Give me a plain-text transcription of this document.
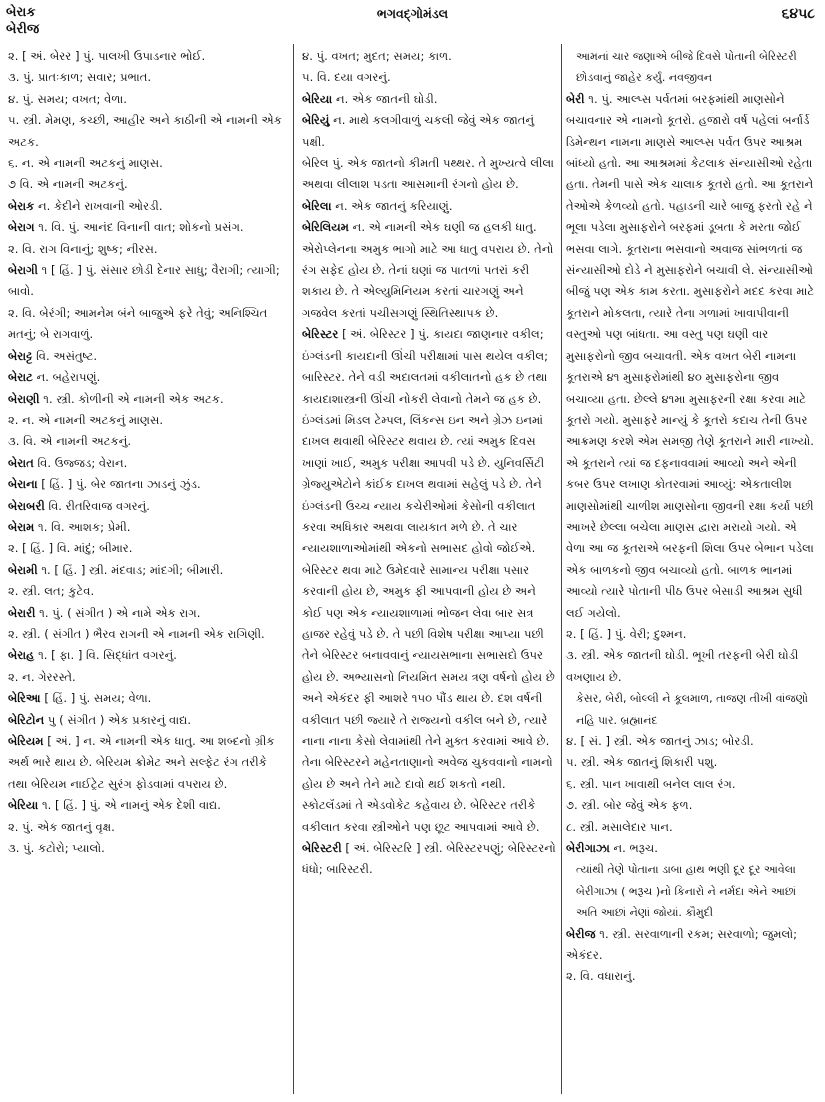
બેરાક
બેરીજ
ભગવદ્ગોમંડલ	૬૪૫૮

૨. [ અં. બેરર ] પું. પાલખી ઉપાડનાર ભોઈ.

૩. પું. પ્રાતઃકાળ; સવાર; પ્રભાત.

૪. પું. સમય; વખત; વેળા.

૫. સ્ત્રી. મેમણ, કચ્છી, આહીર અને કાઠીની એ નામની એક અટક.

૬. ન. એ નામની અટકનું માણસ.

૭ વિ. એ નામની અટકનું.

બેરાક ન. કેદીને રાખવાની ઓરડી.

બેરાગ ૧. વિ. પું. આનંદ વિનાની વાત; શોકનો પ્રસંગ.

૨. વિ. રાગ વિનાનું; શુષ્ક; નીરસ.

બેરાગી ૧ [ હિં. ] પું. સંસાર છોડી દેનાર સાધુ; વૈરાગી; ત્યાગી; બાવો.

૨. વિ. બેરંગી; આમનેમ બંને બાજુએ ફરે તેવું; અનિશ્ચિત મતનું; બે રાગવાળું.

બેરાટ્ટ વિ. અસંતુષ્ટ.

બેરાટ ન. બહેરાપણું.

બેરાણી ૧. સ્ત્રી. કોળીની એ નામની એક અટક.

૨. ન. એ નામની અટકનું માણસ.

૩. વિ. એ નામની અટકનું.

બેરાત વિ. ઉજ્જડ; વેરાન.

બેરાના [ હિં. ] પું. બેર જાતના ઝાડનું ઝુંડ.

બેરાબરી વિ. રીતરિવાજ વગરનું.

બેરામ ૧. વિ. આશક; પ્રેમી.

૨. [ હિં. ] વિ. માંદું; બીમાર.

બેરામી ૧. [ હિં. ] સ્ત્રી. મંદવાડ; માંદગી; બીમારી.

૨. સ્ત્રી. લત; કુટેવ.

બેરારી ૧. પું. ( સંગીત ) એ નામે એક રાગ.

૨. સ્ત્રી. ( સંગીત ) ભૈરવ રાગની એ નામની એક રાગિણી.

બેરાહ ૧. [ ફા. ] વિ. સિદ્ધાંત વગરનું.

૨. ન. ગેરરસ્તે.

બેરિઆ [ હિં. ] પું. સમય; વેળા.

બેરિટોન પુ ( સંગીત ) એક પ્રકારનું વાદ્ય.

બેરિયમ [ અં. ] ન. એ નામની એક ધાતુ. આ શબ્દનો ગ્રીક અર્થ ભારે થાય છે. બેરિયમ ક્રોમેટ અને સલ્ફેટ રંગ તરીકે તથા બેરિયમ નાઈટ્રેટ સુરંગ ફોડવામાં વપરાય છે.

બેરિયા ૧. [ હિં. ] પું. એ નામનું એક દેશી વાદ્ય.

૨. પું. એક જાતનું વૃક્ષ.

૩. પું. કટોરો; પ્યાલો.

૪. પું. વખત; મુદત; સમય; કાળ.

૫. વિ. દયા વગરનું.

બેરિયા ન. એક જાતની ઘોડી.

બેરિયું ન. માથે કલગીવાળું ચકલી જેવું એક જાતનું પક્ષી.

બેરિલ પું. એક જાતનો કીમતી પથ્થર. તે મુખ્યત્વે લીલા અથવા લીલાશ પડતા આસમાની રંગનો હોય છે.

બેરિલા ન. એક જાતનું કરિયાણું.

બેરિલિયમ ન. એ નામની એક ઘણી જ હલકી ધાતુ. એરોપ્લેનના અમુક ભાગો માટે આ ધાતુ વપરાય છે. તેનો રંગ સફેદ હોય છે. તેનાં ઘણાં જ પાતળાં પતરાં કરી શકાય છે. તે એલ્યુમિનિયમ કરતાં ચારગણું અને ગજવેલ કરતાં પચીસગણું સ્થિતિસ્થાપક છે.

બેરિસ્ટર [ અં. બેરિસ્ટર ] પું. કાયદા જાણનાર વકીલ; ઇંગ્લંડની કાયદાની ઊંચી પરીક્ષામાં પાસ થયેલ વકીલ; બારિસ્ટર. તેને વડી અદાલતમાં વકીલાતનો હક છે તથા કાયદાશાસ્ત્રની ઊંચી નોકરી લેવાનો તેમને જ હક છે. ઇંગ્લંડમાં મિડલ ટેમ્પલ, લિંકન્સ ઇન અને ગ્રેઝ ઇનમાં દાખલ થવાથી બેરિસ્ટર થવાય છે. ત્યાં અમુક દિવસ ખાણાં ખાઈ, અમુક પરીક્ષા આપવી પડે છે. યુનિવર્સિટી ગ્રેજ્યુએટોને કાંઈક દાખલ થવામાં સહેલું પડે છે. તેને ઇંગ્લંડની ઉચ્ચ ન્યાય કચેરીઓમાં કેસોની વકીલાત કરવા અધિકાર અથવા લાયકાત મળે છે. તે ચાર ન્યાયશાળાઓમાંથી એકનો સભાસદ હોવો જોઈએ. બેરિસ્ટર થવા માટે ઉમેદવારે સામાન્ય પરીક્ષા પસાર કરવાની હોય છે, અમુક ફી આપવાની હોય છે અને કોઈ પણ એક ન્યાયશાળામાં ભોજન લેવા બાર સત્ર હાજર રહેવું પડે છે. તે પછી વિશેષ પરીક્ષા આપ્યા પછી તેને બેરિસ્ટર બનાવવાનું ન્યાયસભાના સભાસદો ઉપર હોય છે. અભ્યાસનો નિયમિત સમય ત્રણ વર્ષનો હોય છે અને એકંદર ફી આશરે ૧૫૦ પૌંડ થાય છે. દશ વર્ષની વકીલાત પછી જ્યારે તે રાજ્યનો વકીલ બને છે, ત્યારે નાના નાના કેસો લેવામાંથી તેને મુક્ત કરવામાં આવે છે. તેના બેરિસ્ટરને મહેનતાણાનો અવેજ ચુકવવાનો નામનો હોય છે અને તેને માટે દાવો થઈ શકતો નથી. સ્કોટલૅંડમાં તે એડવોકેટ કહેવાય છે. બેરિસ્ટર તરીકે વકીલાત કરવા સ્ત્રીઓને પણ છૂટ આપવામાં આવે છે.

બેરિસ્ટરી [ અં. બેરિસ્ટરિ ] સ્ત્રી. બેરિસ્ટરપણું; બેરિસ્ટરનો ધંધો; બારિસ્ટરી.

આમનાં ચાર જણાએ બીજે દિવસે પોતાની બેરિસ્ટરી છોડવાનું જાહેર કર્યું. નવજીવન

બેરી ૧. પું. આલ્પ્સ પર્વતમાં બરફમાંથી માણસોને બચાવનાર એ નામનો કૂતરો. હજારો વર્ષ પહેલાં બર્નાર્ડ ડિમેન્થન નામના માણસે આલ્પ્સ પર્વત ઉપર આશ્રમ બાંધ્યો હતો. આ આશ્રમમાં કેટલાક સંન્યાસીઓ રહેતા હતા. તેમની પાસે એક ચાલાક કૂતરો હતો. આ કૂતરાને તેઓએ કેળવ્યો હતો. પહાડની ચારે બાજુ ફરતો રહે ને ભૂલા પડેલા મુસાફરોને બરફમાં ડૂબતા કે મરતા જોઈ ભસવા લાગે. કૂતરાના ભસવાનો અવાજ સાંભળતાં જ સંન્યાસીઓ દોડે ને મુસાફરોને બચાવી લે. સંન્યાસીઓ બીજું પણ એક કામ કરતા. મુસાફરોને મદદ કરવા માટે કૂતરાને મોકલતા, ત્યારે તેના ગળામાં ખાવાપીવાની વસ્તુઓ પણ બાંધતા. આ વસ્તુ પણ ઘણી વાર મુસાફરોનો જીવ બચાવતી. એક વખત બેરી નામના કૂતરાએ ૪૧ મુસાફરોમાંથી ૪૦ મુસાફરોના જીવ બચાવ્યા હતા. છેલ્લે ૪૧મા મુસાફરની રક્ષા કરવા માટે કૂતરો ગયો. મુસાફરે માન્યું કે કૂતરો કદાચ તેની ઉપર આક્રમણ કરશે એમ સમજી તેણે કૂતરાને મારી નાખ્યો. એ કૂતરાને ત્યાં જ દફનાવવામાં આવ્યો અને એની કબર ઉપર લખાણ કોતરવામાં આવ્યું: એકતાલીશ માણસોમાંથી ચાળીશ માણસોના જીવની રક્ષા કર્યા પછી આખરે છેલ્લા બચેલા માણસ દ્વારા મરાયો ગયો. એ વેળા આ જ કૂતરાએ બરફની શિલા ઉપર બેભાન પડેલા એક બાળકનો જીવ બચાવ્યો હતો. બાળક ભાનમાં આવ્યો ત્યારે પોતાની પીઠ ઉપર બેસાડી આશ્રમ સુધી લઈ ગયેલો.

૨. [ હિં. ] પું. વેરી; દુશ્મન.

૩. સ્ત્રી. એક જાતની ઘોડી. ભૂખી તરફની બેરી ઘોડી વખણાય છે.

કેસર, બેરી, બોલ્લી ને કૂલમાળ, તાજણ તીખી વાંજણો નહિ પાર. બ્રહ્માનંદ

૪. [ સં. ] સ્ત્રી. એક જાતનું ઝાડ; બોરડી.

૫. સ્ત્રી. એક જાતનું શિકારી પશુ.

૬. સ્ત્રી. પાન ખાવાથી બનેલ લાલ રંગ.

૭. સ્ત્રી. બોર જેવું એક ફળ.

૮. સ્ત્રી. મસાલેદાર પાન.

બેરીગાઝા ન. ભરૂચ.

ત્યાંથી તેણે પોતાના ડાબા હાથ ભણી દૂર દૂર આવેલા બેરીગાઝા ( ભરૂચ )નો કિનારો ને નર્મદા એને આછાં અતિ આછાં નેણાં જોયાં. કૌમુદી

બેરીજ ૧. સ્ત્રી. સરવાળાની રકમ; સરવાળો; જુમલો; એકંદર.

૨. વિ. વધારાનું.
